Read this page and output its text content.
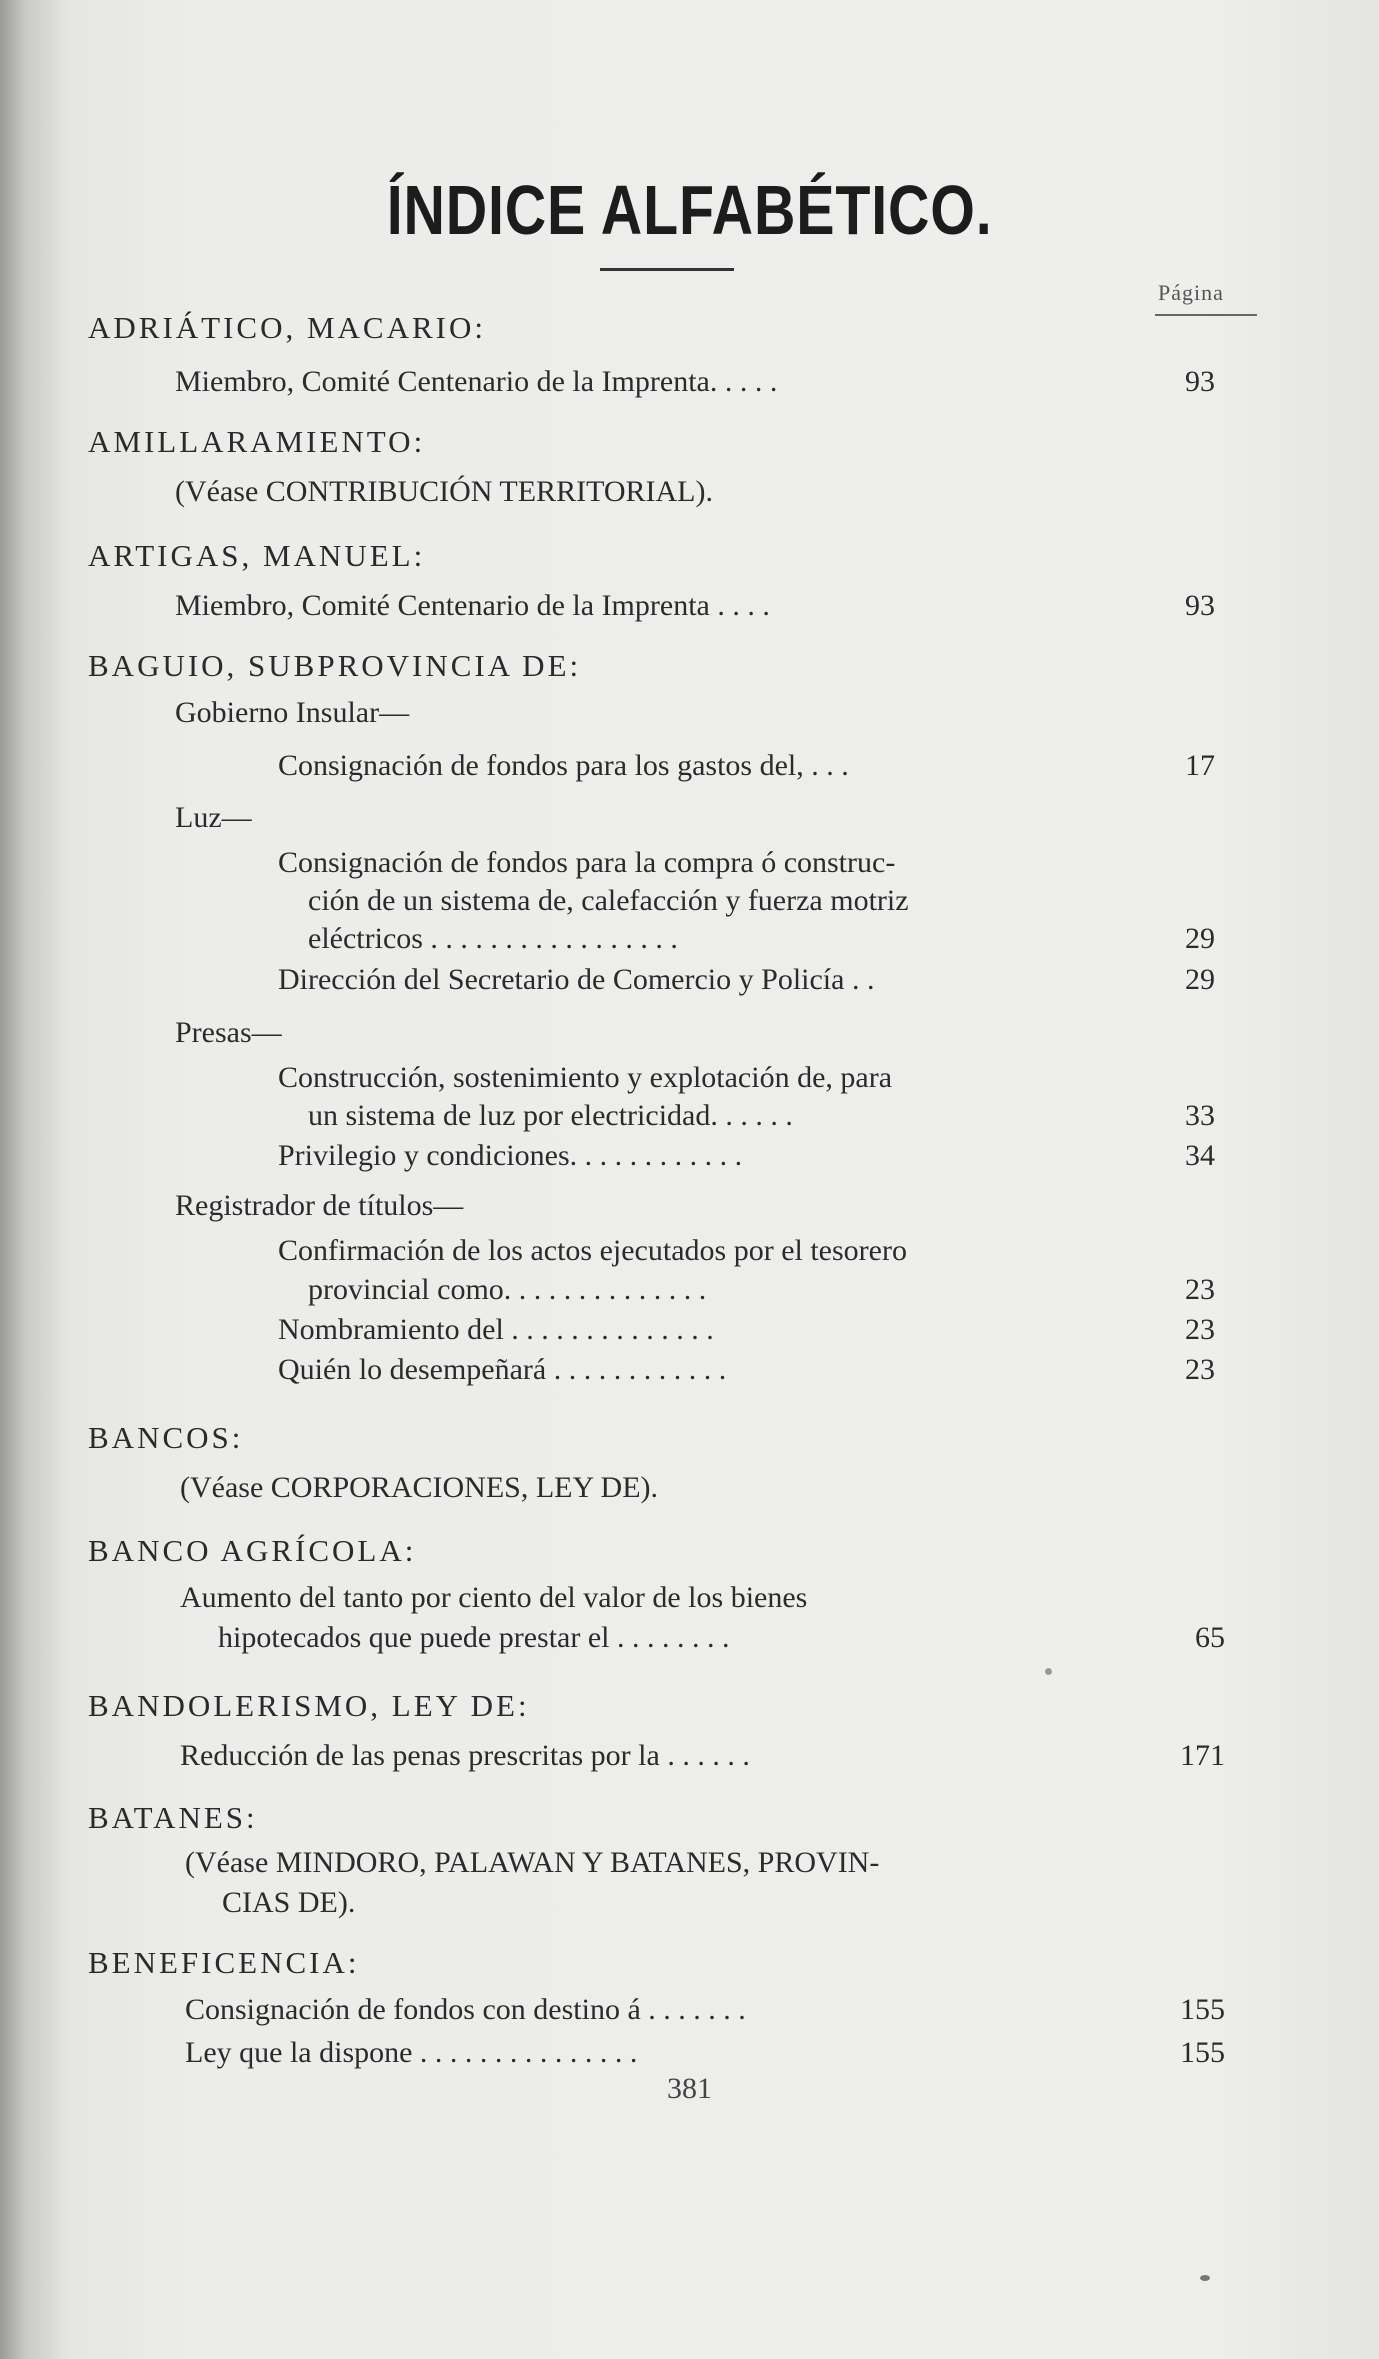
ÍNDICE ALFABÉTICO.
Página
ADRIÁTICO, MACARIO:
Miembro, Comité Centenario de la Imprenta. . . . .	93
AMILLARAMIENTO:
(Véase CONTRIBUCIÓN TERRITORIAL).
ARTIGAS, MANUEL:
Miembro, Comité Centenario de la Imprenta . . . .	93
BAGUIO, SUBPROVINCIA DE:
Gobierno Insular—
Consignación de fondos para los gastos del, . . .	17
Luz—
Consignación de fondos para la compra ó construc-
ción de un sistema de, calefacción y fuerza motriz
eléctricos . . . . . . . . . . . . . . . . .	29
Dirección del Secretario de Comercio y Policía . .	29
Presas—
Construcción, sostenimiento y explotación de, para
un sistema de luz por electricidad. . . . . .	33
Privilegio y condiciones. . . . . . . . . . . .	34
Registrador de títulos—
Confirmación de los actos ejecutados por el tesorero
provincial como. . . . . . . . . . . . . .	23
Nombramiento del . . . . . . . . . . . . . .	23
Quién lo desempeñará . . . . . . . . . . . .	23
BANCOS:
(Véase CORPORACIONES, LEY DE).
BANCO AGRÍCOLA:
Aumento del tanto por ciento del valor de los bienes
hipotecados que puede prestar el . . . . . . . .	65
BANDOLERISMO, LEY DE:
Reducción de las penas prescritas por la . . . . . .	171
BATANES:
(Véase MINDORO, PALAWAN Y BATANES, PROVIN-
CIAS DE).
BENEFICENCIA:
Consignación de fondos con destino á . . . . . . .	155
Ley que la dispone . . . . . . . . . . . . . . .	155
381
